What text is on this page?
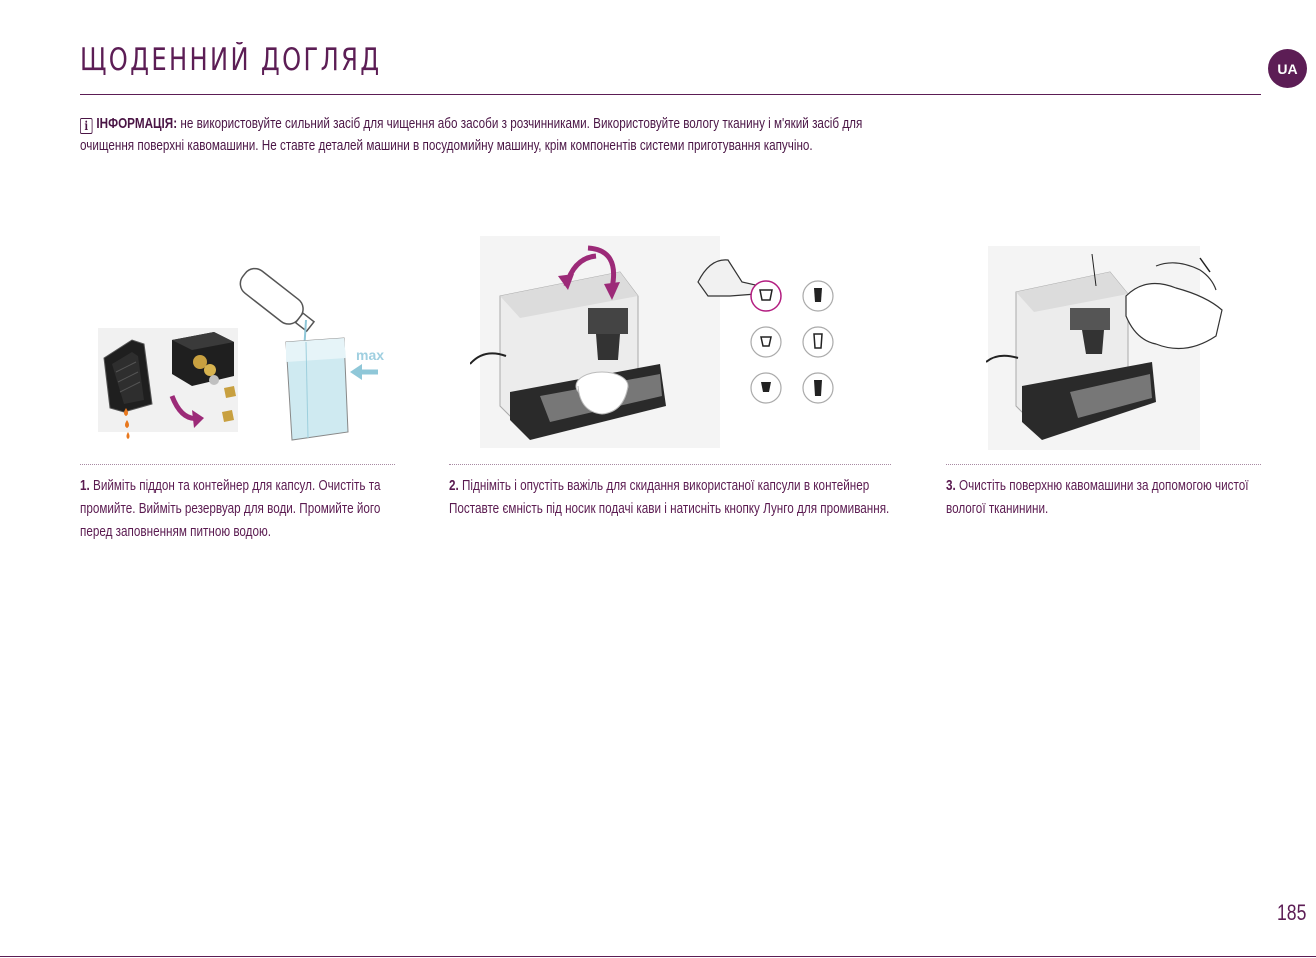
ЩОДЕННИЙ ДОГЛЯД	UA

i ІНФОРМАЦІЯ: не використовуйте сильний засіб для чищення або засоби з розчинниками. Використовуйте вологу тканину і м'який засіб для очищення поверхні кавомашини. Не ставте деталей машини в посудомийну машину, крім компонентів системи приготування капучіно.

max

1. Вийміть піддон та контейнер для капсул. Очистіть та промийте. Вийміть резервуар для води. Промийте його перед заповненням питною водою.

2. Підніміть і опустіть важіль для скидання використаної капсули в контейнер Поставте ємність під носик подачі кави і натисніть кнопку Лунго для промивання.

3. Очистіть поверхню кавомашини за допомогою чистої вологої тканинини.

185
